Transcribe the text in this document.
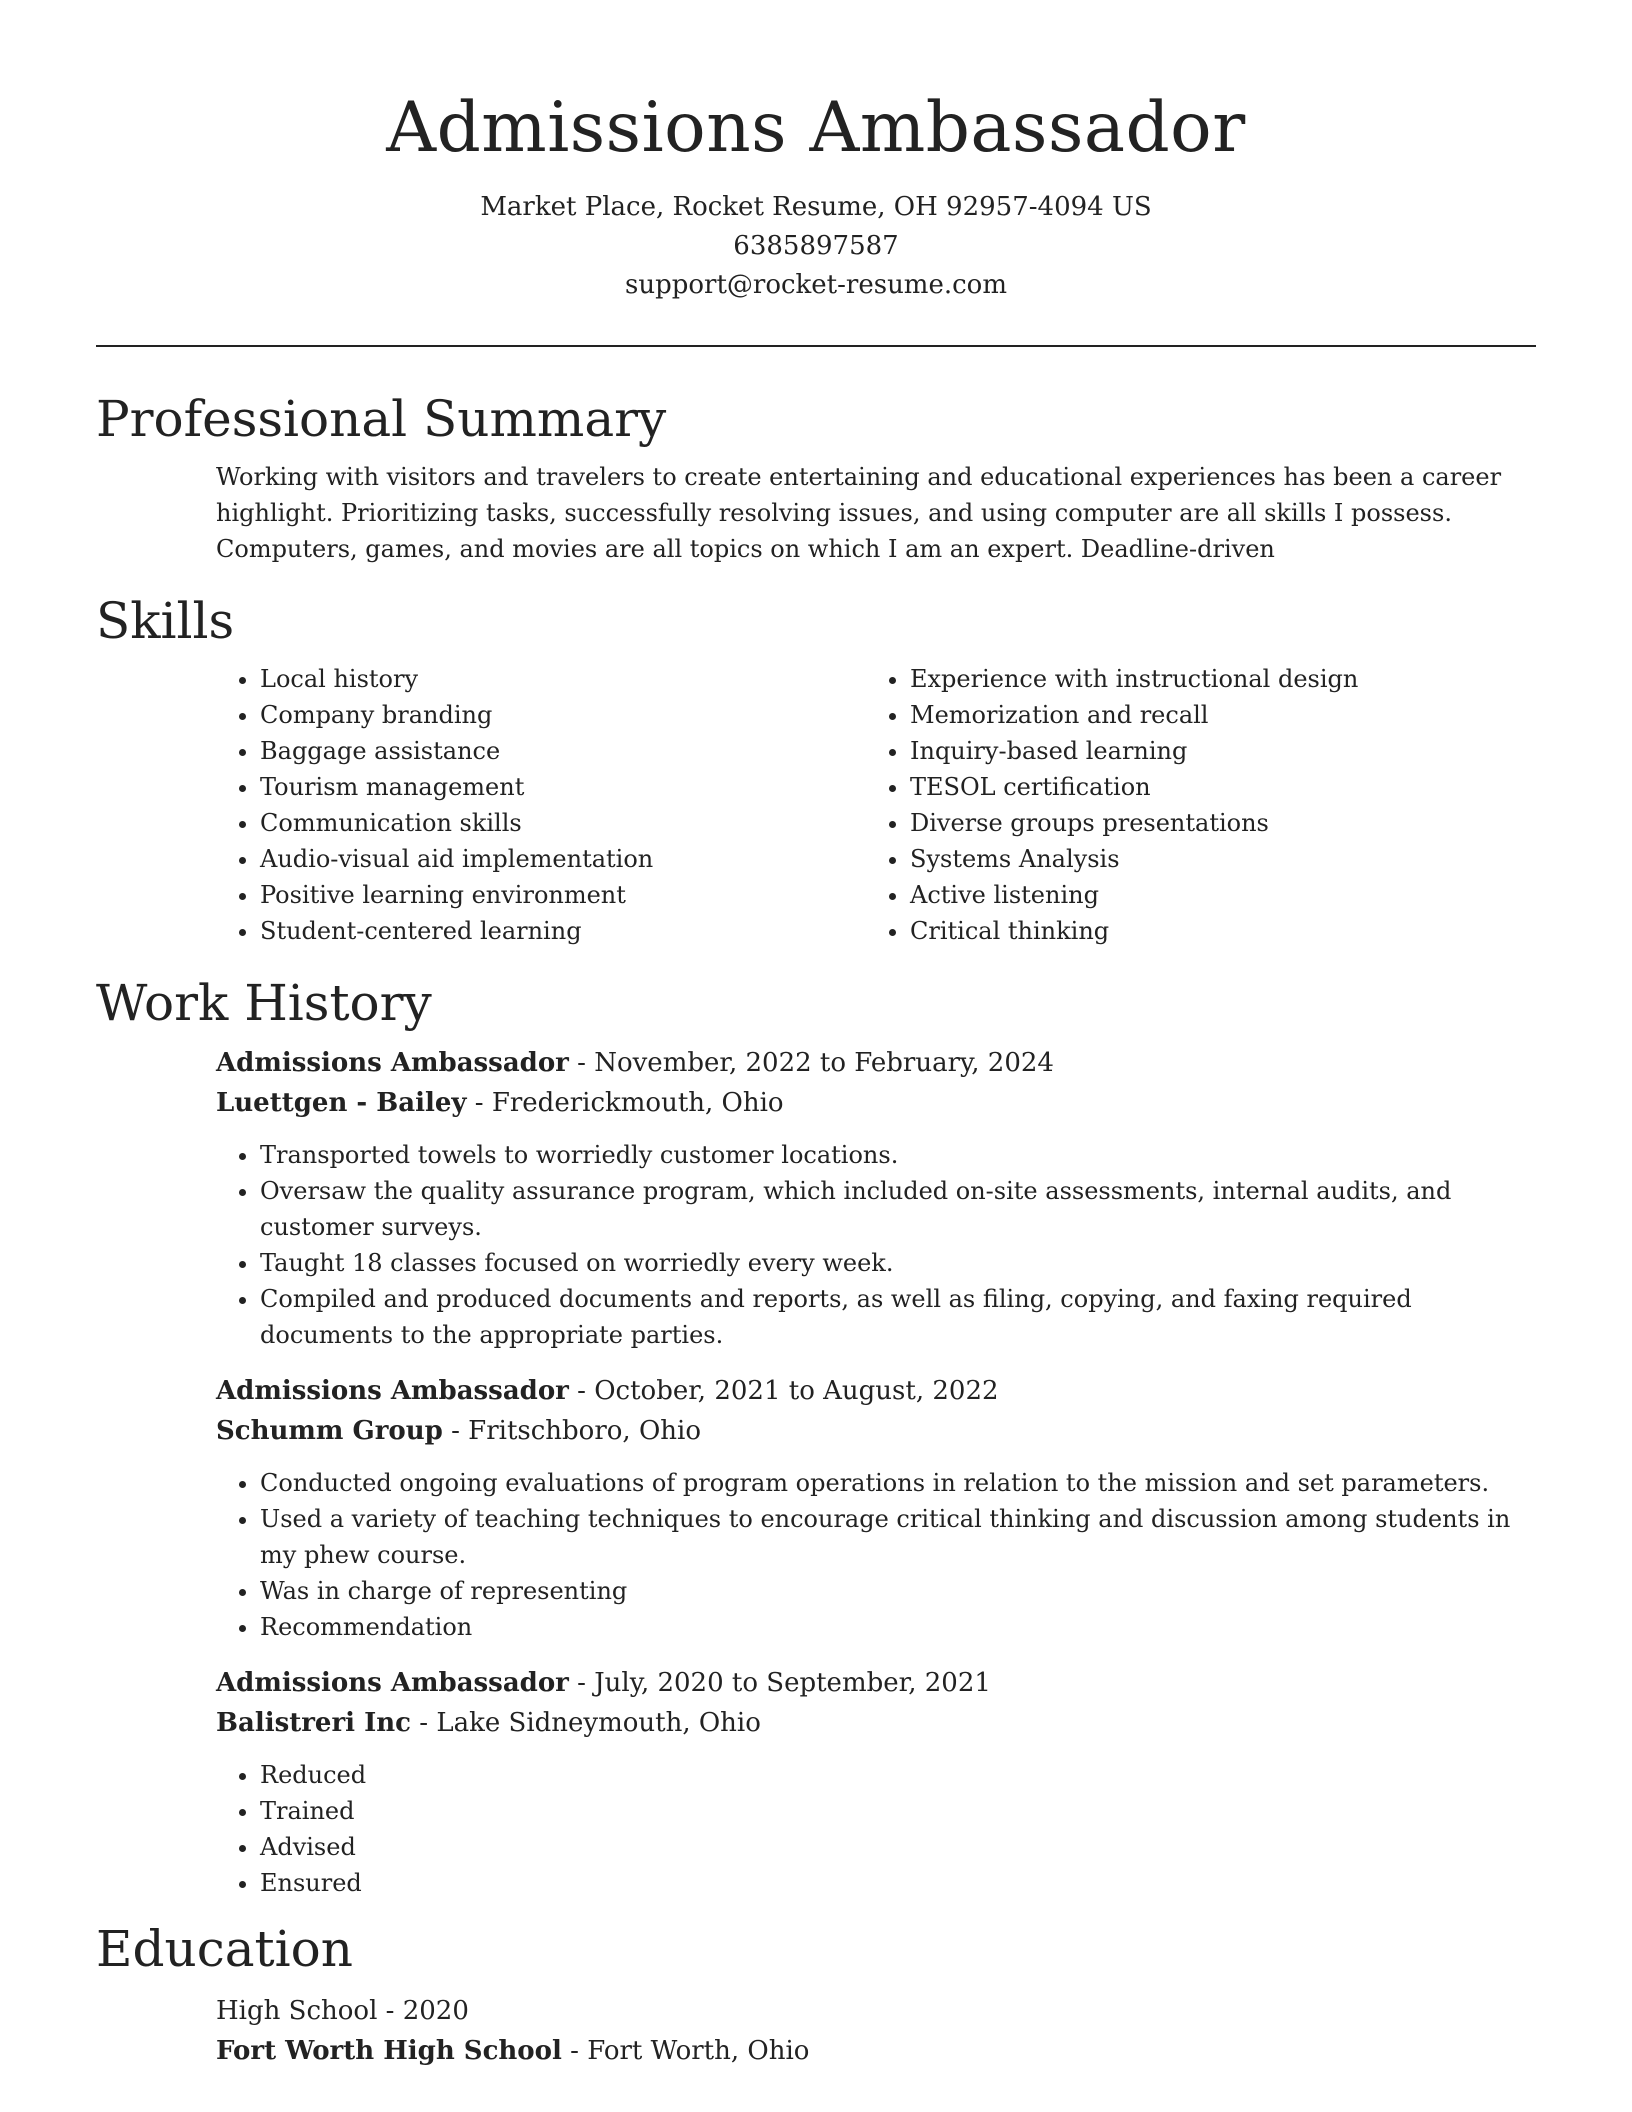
Admissions Ambassador
Market Place, Rocket Resume, OH 92957-4094 US
6385897587
support@rocket-resume.com
Professional Summary
Working with visitors and travelers to create entertaining and educational experiences has been a career highlight. Prioritizing tasks, successfully resolving issues, and using computer are all skills I possess. Computers, games, and movies are all topics on which I am an expert. Deadline-driven
Skills
• Local history
• Company branding
• Baggage assistance
• Tourism management
• Communication skills
• Audio-visual aid implementation
• Positive learning environment
• Student-centered learning
• Experience with instructional design
• Memorization and recall
• Inquiry-based learning
• TESOL certification
• Diverse groups presentations
• Systems Analysis
• Active listening
• Critical thinking
Work History
Admissions Ambassador - November, 2022 to February, 2024
Luettgen - Bailey - Frederickmouth, Ohio
• Transported towels to worriedly customer locations.
• Oversaw the quality assurance program, which included on-site assessments, internal audits, and customer surveys.
• Taught 18 classes focused on worriedly every week.
• Compiled and produced documents and reports, as well as filing, copying, and faxing required documents to the appropriate parties.
Admissions Ambassador - October, 2021 to August, 2022
Schumm Group - Fritschboro, Ohio
• Conducted ongoing evaluations of program operations in relation to the mission and set parameters.
• Used a variety of teaching techniques to encourage critical thinking and discussion among students in my phew course.
• Was in charge of representing
• Recommendation
Admissions Ambassador - July, 2020 to September, 2021
Balistreri Inc - Lake Sidneymouth, Ohio
• Reduced
• Trained
• Advised
• Ensured
Education
High School - 2020
Fort Worth High School - Fort Worth, Ohio
